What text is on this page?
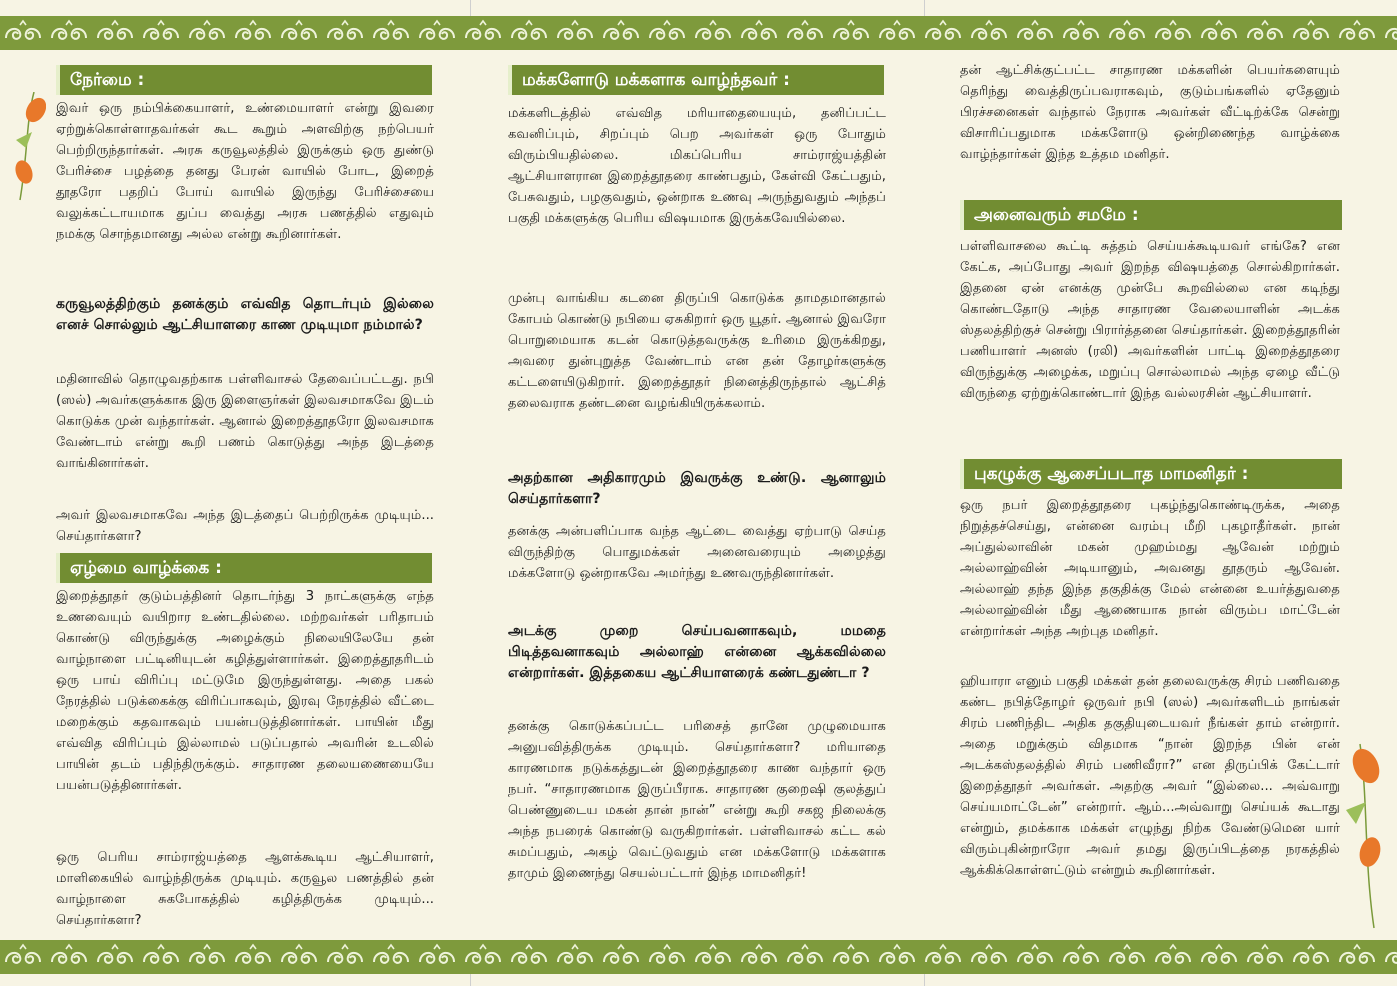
நேர்மை :

இவர் ஒரு நம்பிக்கையாளர், உண்மையாளர் என்று இவரை ஏற்றுக்கொள்ளாதவர்கள் கூட கூறும் அளவிற்கு நற்பெயர் பெற்றிருந்தார்கள். அரசு கருவூலத்தில் இருக்கும் ஒரு துண்டு பேரிச்சை பழத்தை தனது பேரன் வாயில் போட, இறைத் தூதரோ பதறிப் போய் வாயில் இருந்து பேரிச்சையை வலுக்கட்டாயமாக துப்ப வைத்து அரசு பணத்தில் எதுவும் நமக்கு சொந்தமானது அல்ல என்று கூறினார்கள்.

கருவூலத்திற்கும் தனக்கும் எவ்வித தொடர்பும் இல்லை எனச் சொல்லும் ஆட்சியாளரை காண முடியுமா நம்மால்?

மதினாவில் தொழுவதற்காக பள்ளிவாசல் தேவைப்பட்டது. நபி (ஸல்) அவர்களுக்காக இரு இளைஞர்கள் இலவசமாகவே இடம் கொடுக்க முன் வந்தார்கள். ஆனால் இறைத்தூதரோ இலவசமாக வேண்டாம் என்று கூறி பணம் கொடுத்து அந்த இடத்தை வாங்கினார்கள்.

அவர் இலவசமாகவே அந்த இடத்தைப் பெற்றிருக்க முடியும்... செய்தார்களா?

ஏழ்மை வாழ்க்கை :

இறைத்தூதர் குடும்பத்தினர் தொடர்ந்து 3 நாட்களுக்கு எந்த உணவையும் வயிறார உண்டதில்லை. மற்றவர்கள் பரிதாபம் கொண்டு விருந்துக்கு அழைக்கும் நிலையிலேயே தன் வாழ்நாளை பட்டினியுடன் கழித்துள்ளார்கள். இறைத்தூதரிடம் ஒரு பாய் விரிப்பு மட்டுமே இருந்துள்ளது. அதை பகல் நேரத்தில் படுக்கைக்கு விரிப்பாகவும், இரவு நேரத்தில் வீட்டை மறைக்கும் கதவாகவும் பயன்படுத்தினார்கள். பாயின் மீது எவ்வித விரிப்பும் இல்லாமல் படுப்பதால் அவரின் உடலில் பாயின் தடம் பதிந்திருக்கும். சாதாரண தலையணையையே பயன்படுத்தினார்கள்.

ஒரு பெரிய சாம்ராஜ்யத்தை ஆளக்கூடிய ஆட்சியாளர், மாளிகையில் வாழ்ந்திருக்க முடியும். கருவூல பணத்தில் தன் வாழ்நாளை சுகபோகத்தில் கழித்திருக்க முடியும்... செய்தார்களா?

மக்களோடு மக்களாக வாழ்ந்தவர் :

மக்களிடத்தில் எவ்வித மரியாதையையும், தனிப்பட்ட கவனிப்பும், சிறப்பும் பெற அவர்கள் ஒரு போதும் விரும்பியதில்லை. மிகப்பெரிய சாம்ராஜ்யத்தின் ஆட்சியாளரான இறைத்தூதரை காண்பதும், கேள்வி கேட்பதும், பேசுவதும், பழகுவதும், ஒன்றாக உணவு அருந்துவதும் அந்தப் பகுதி மக்களுக்கு பெரிய விஷயமாக இருக்கவேயில்லை.

முன்பு வாங்கிய கடனை திருப்பி கொடுக்க தாமதமானதால் கோபம் கொண்டு நபியை ஏசுகிறார் ஒரு யூதர். ஆனால் இவரோ பொறுமையாக கடன் கொடுத்தவருக்கு உரிமை இருக்கிறது, அவரை துன்புறுத்த வேண்டாம் என தன் தோழர்களுக்கு கட்டளையிடுகிறார். இறைத்தூதர் நினைத்திருந்தால் ஆட்சித் தலைவராக தண்டனை வழங்கியிருக்கலாம்.

அதற்கான அதிகாரமும் இவருக்கு உண்டு. ஆனாலும் செய்தார்களா?

தனக்கு அன்பளிப்பாக வந்த ஆட்டை வைத்து ஏற்பாடு செய்த விருந்திற்கு பொதுமக்கள் அனைவரையும் அழைத்து மக்களோடு ஒன்றாகவே அமர்ந்து உணவருந்தினார்கள்.

அடக்கு முறை செய்பவனாகவும், மமதை பிடித்தவனாகவும் அல்லாஹ் என்னை ஆக்கவில்லை என்றார்கள். இத்தகைய ஆட்சியாளரைக் கண்டதுண்டா ?

தனக்கு கொடுக்கப்பட்ட பரிசைத் தானே முழுமையாக அனுபவித்திருக்க முடியும். செய்தார்களா? மரியாதை காரணமாக நடுக்கத்துடன் இறைத்தூதரை காண வந்தார் ஒரு நபர். “சாதாரணமாக இருப்பீராக. சாதாரண குறைஷி குலத்துப் பெண்ணுடைய மகன் தான் நான்” என்று கூறி சகஜ நிலைக்கு அந்த நபரைக் கொண்டு வருகிறார்கள். பள்ளிவாசல் கட்ட கல் சுமப்பதும், அகழ் வெட்டுவதும் என மக்களோடு மக்களாக தாமும் இணைந்து செயல்பட்டார் இந்த மாமனிதர்!

தன் ஆட்சிக்குட்பட்ட சாதாரண மக்களின் பெயர்களையும் தெரிந்து வைத்திருப்பவராகவும், குடும்பங்களில் ஏதேனும் பிரச்சனைகள் வந்தால் நேராக அவர்கள் வீட்டிற்க்கே சென்று விசாரிப்பதுமாக மக்களோடு ஒன்றிணைந்த வாழ்க்கை வாழ்ந்தார்கள் இந்த உத்தம மனிதர்.

அனைவரும் சமமே :

பள்ளிவாசலை கூட்டி சுத்தம் செய்யக்கூடியவர் எங்கே? என கேட்க, அப்போது அவர் இறந்த விஷயத்தை சொல்கிறார்கள். இதனை ஏன் எனக்கு முன்பே கூறவில்லை என கடிந்து கொண்டதோடு அந்த சாதாரண வேலையாளின் அடக்க ஸ்தலத்திற்குச் சென்று பிரார்த்தனை செய்தார்கள். இறைத்தூதரின் பணியாளர் அனஸ் (ரலி) அவர்களின் பாட்டி இறைத்தூதரை விருந்துக்கு அழைக்க, மறுப்பு சொல்லாமல் அந்த ஏழை வீட்டு விருந்தை ஏற்றுக்கொண்டார் இந்த வல்லரசின் ஆட்சியாளர்.

புகழுக்கு ஆசைப்படாத மாமனிதர் :

ஒரு நபர் இறைத்தூதரை புகழ்ந்துகொண்டிருக்க, அதை நிறுத்தச்செய்து, என்னை வரம்பு மீறி புகழாதீர்கள். நான் அப்துல்லாவின் மகன் முஹம்மது ஆவேன் மற்றும் அல்லாஹ்வின் அடியானும், அவனது தூதரும் ஆவேன். அல்லாஹ் தந்த இந்த தகுதிக்கு மேல் என்னை உயர்த்துவதை அல்லாஹ்வின் மீது ஆணையாக நான் விரும்ப மாட்டேன் என்றார்கள் அந்த அற்புத மனிதர்.

ஹியாரா எனும் பகுதி மக்கள் தன் தலைவருக்கு சிரம் பணிவதை கண்ட நபித்தோழர் ஒருவர் நபி (ஸல்) அவர்களிடம் நாங்கள் சிரம் பணிந்திட அதிக தகுதியுடையவர் நீங்கள் தாம் என்றார். அதை மறுக்கும் விதமாக “நான் இறந்த பின் என் அடக்கஸ்தலத்தில் சிரம் பணிவீரா?” என திருப்பிக் கேட்டார் இறைத்தூதர் அவர்கள். அதற்கு அவர் “இல்லை... அவ்வாறு செய்யமாட்டேன்” என்றார். ஆம்...அவ்வாறு செய்யக் கூடாது என்றும், தமக்காக மக்கள் எழுந்து நிற்க வேண்டுமென யார் விரும்புகின்றாரோ அவர் தமது இருப்பிடத்தை நரகத்தில் ஆக்கிக்கொள்ளட்டும் என்றும் கூறினார்கள்.
